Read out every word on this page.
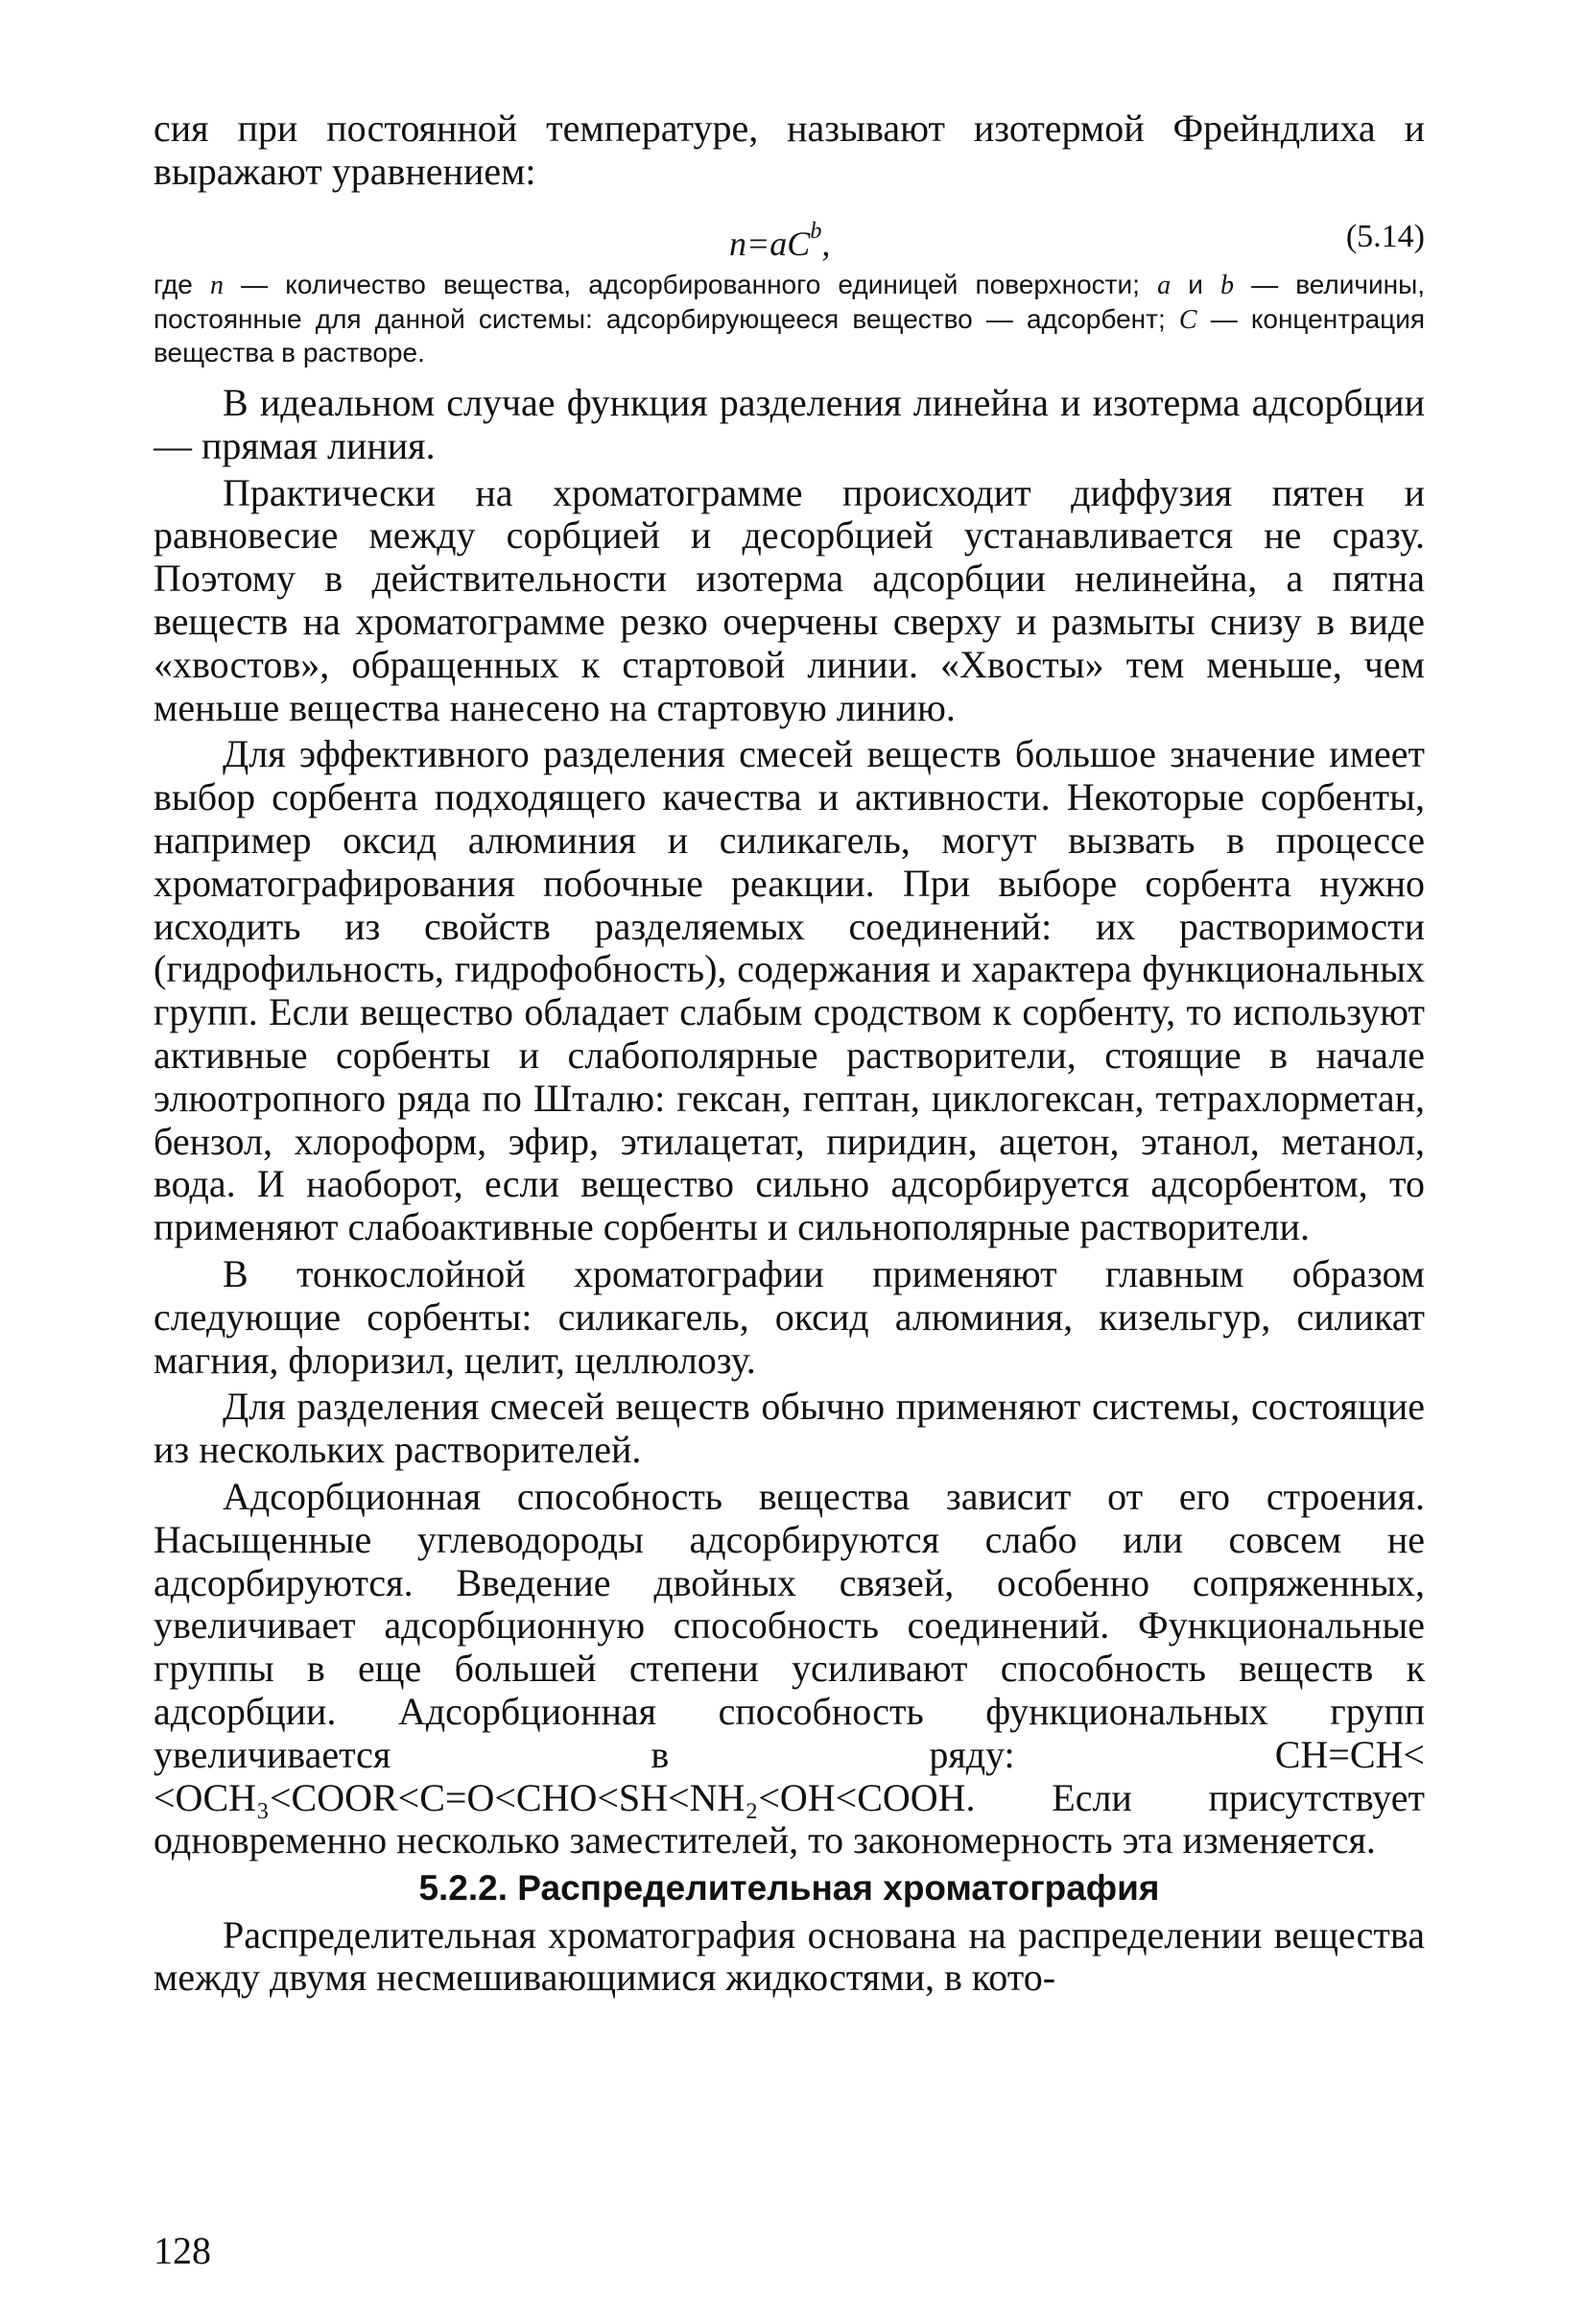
сия при постоянной температуре, называют изотермой Фрейндлиха и выражают уравнением:

$n=aC^b$,	(5.14)
где n — количество вещества, адсорбированного единицей поверхности; a и b — величины, постоянные для данной системы: адсорбирующееся вещество — адсорбент; C — концентрация вещества в растворе.

В идеальном случае функция разделения линейна и изотерма адсорбции — прямая линия.

Практически на хроматограмме происходит диффузия пятен и равновесие между сорбцией и десорбцией устанавливается не сразу. Поэтому в действительности изотерма адсорбции нелинейна, а пятна веществ на хроматограмме резко очерчены сверху и размыты снизу в виде «хвостов», обращенных к стартовой линии. «Хвосты» тем меньше, чем меньше вещества нанесено на стартовую линию.

Для эффективного разделения смесей веществ большое значение имеет выбор сорбента подходящего качества и активности. Некоторые сорбенты, например оксид алюминия и силикагель, могут вызвать в процессе хроматографирования побочные реакции. При выборе сорбента нужно исходить из свойств разделяемых соединений: их растворимости (гидрофильность, гидрофобность), содержания и характера функциональных групп. Если вещество обладает слабым сродством к сорбенту, то используют активные сорбенты и слабополярные растворители, стоящие в начале элюотропного ряда по Шталю: гексан, гептан, циклогексан, тетрахлорметан, бензол, хлороформ, эфир, этилацетат, пиридин, ацетон, этанол, метанол, вода. И наоборот, если вещество сильно адсорбируется адсорбентом, то применяют слабоактивные сорбенты и сильнополярные растворители.

В тонкослойной хроматографии применяют главным образом следующие сорбенты: силикагель, оксид алюминия, кизельгур, силикат магния, флоризил, целит, целлюлозу.

Для разделения смесей веществ обычно применяют системы, состоящие из нескольких растворителей.

Адсорбционная способность вещества зависит от его строения. Насыщенные углеводороды адсорбируются слабо или совсем не адсорбируются. Введение двойных связей, особенно сопряженных, увеличивает адсорбционную способность соединений. Функциональные группы в еще большей степени усиливают способность веществ к адсорбции. Адсорбционная способность функциональных групп увеличивается в ряду: CH=CH< <OCH₃<COOR<C=O<CHO<SH<NH₂<OH<COOH. Если присутствует одновременно несколько заместителей, то закономерность эта изменяется.

5.2.2. Распределительная хроматография

Распределительная хроматография основана на распределении вещества между двумя несмешивающимися жидкостями, в кото-

128
